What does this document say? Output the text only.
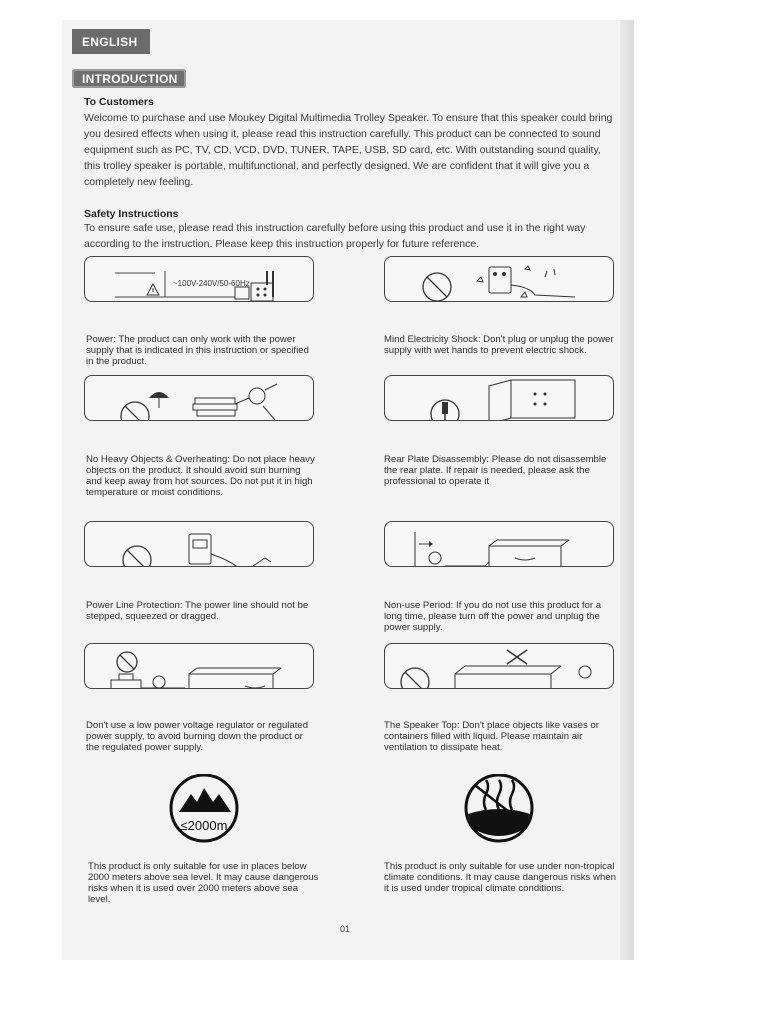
ENGLISH
INTRODUCTION
To Customers

Welcome to purchase and use Moukey Digital Multimedia Trolley Speaker. To ensure that this speaker could bring you desired effects when using it, please read this instruction carefully. This product can be connected to sound equipment such as PC, TV, CD, VCD, DVD, TUNER, TAPE, USB, SD card, etc. With outstanding sound quality, this trolley speaker is portable, multifunctional, and perfectly designed. We are confident that it will give you a completely new feeling.

Safety Instructions

To ensure safe use, please read this instruction carefully before using this product and use it in the right way according to the instruction. Please keep this instruction properly for future reference.

~100V-240V/50-60Hz

Power: The product can only work with the power supply that is indicated in this instruction or specified in the product.

Mind Electricity Shock: Don't plug or unplug the power supply with wet hands to prevent electric shock.

No Heavy Objects & Overheating: Do not place heavy objects on the product. It should avoid sun burning and keep away from hot sources. Do not put it in high temperature or moist conditions.

Rear Plate Disassembly: Please do not disassemble the rear plate. If repair is needed, please ask the professional to operate it

Power Line Protection: The power line should not be stepped, squeezed or dragged.

Non-use Period: If you do not use this product for a long time, please turn off the power and unplug the power supply.

Don't use a low power voltage regulator or regulated power supply, to avoid burning down the product or the regulated power supply.

The Speaker Top: Don't place objects like vases or containers filled with liquid. Please maintain air ventilation to dissipate heat.

≤2000m

This product is only suitable for use in places below 2000 meters above sea level. It may cause dangerous risks when it is used over 2000 meters above sea level.

This product is only suitable for use under non-tropical climate conditions. It may cause dangerous risks when it is used under tropical climate conditions.

01
